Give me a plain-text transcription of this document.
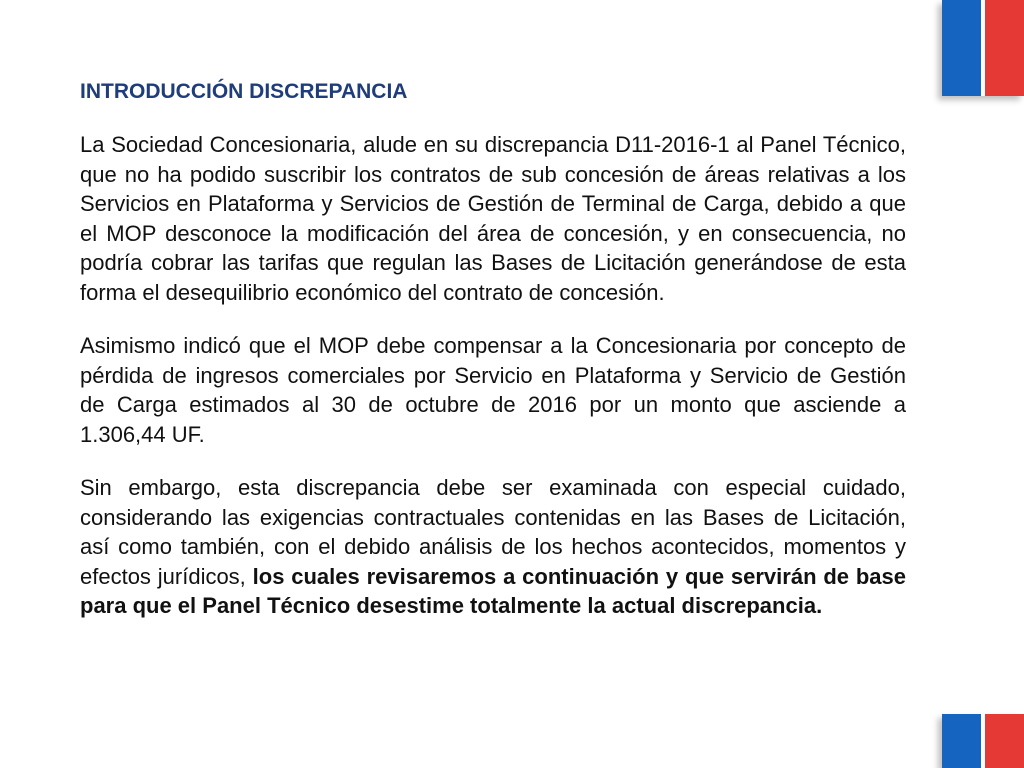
INTRODUCCIÓN DISCREPANCIA

La Sociedad Concesionaria, alude en su discrepancia D11-2016-1 al Panel Técnico, que no ha podido suscribir los contratos de sub concesión de áreas relativas a los Servicios en Plataforma y Servicios de Gestión de Terminal de Carga, debido a que el MOP desconoce la modificación del área de concesión, y en consecuencia, no podría cobrar las tarifas que regulan las Bases de Licitación generándose de esta forma el desequilibrio económico del contrato de concesión.

Asimismo indicó que el MOP debe compensar a la Concesionaria por concepto de pérdida de ingresos comerciales por Servicio en Plataforma y Servicio de Gestión de Carga estimados al 30 de octubre de 2016 por un monto que asciende a 1.306,44 UF.

Sin embargo, esta discrepancia debe ser examinada con especial cuidado, considerando las exigencias contractuales contenidas en las Bases de Licitación, así como también, con el debido análisis de los hechos acontecidos, momentos y efectos jurídicos, los cuales revisaremos a continuación y que servirán de base para que el Panel Técnico desestime totalmente la actual discrepancia.
